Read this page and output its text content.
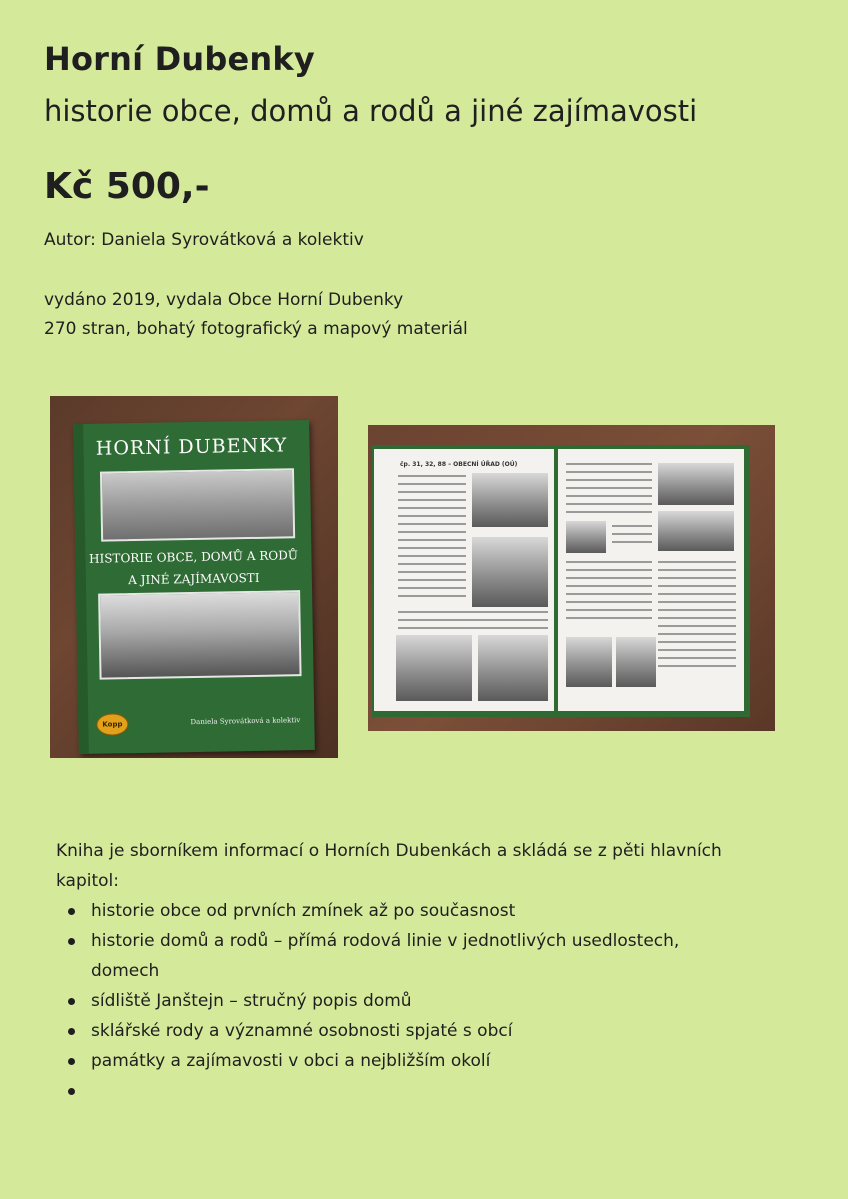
Horní Dubenky
historie obce, domů a rodů a jiné zajímavosti
Kč 500,-
Autor: Daniela Syrovátková a kolektiv
vydáno 2019, vydala Obce Horní Dubenky
270 stran, bohatý fotografický a mapový materiál
HORNÍ DUBENKY
HISTORIE OBCE, DOMŮ A RODŮ
A JINÉ ZAJÍMAVOSTI
Kopp	Daniela Syrovátková a kolektiv
čp. 31, 32, 88 – OBECNÍ ÚŘAD (OÚ)

Kniha je sborníkem informací o Horních Dubenkách a skládá se z pěti hlavních kapitol:

historie obce od prvních zmínek až po současnost
historie domů a rodů – přímá rodová linie v jednotlivých usedlostech, domech
sídliště Janštejn – stručný popis domů
sklářské rody a významné osobnosti spjaté s obcí
památky a zajímavosti v obci a nejbližším okolí
